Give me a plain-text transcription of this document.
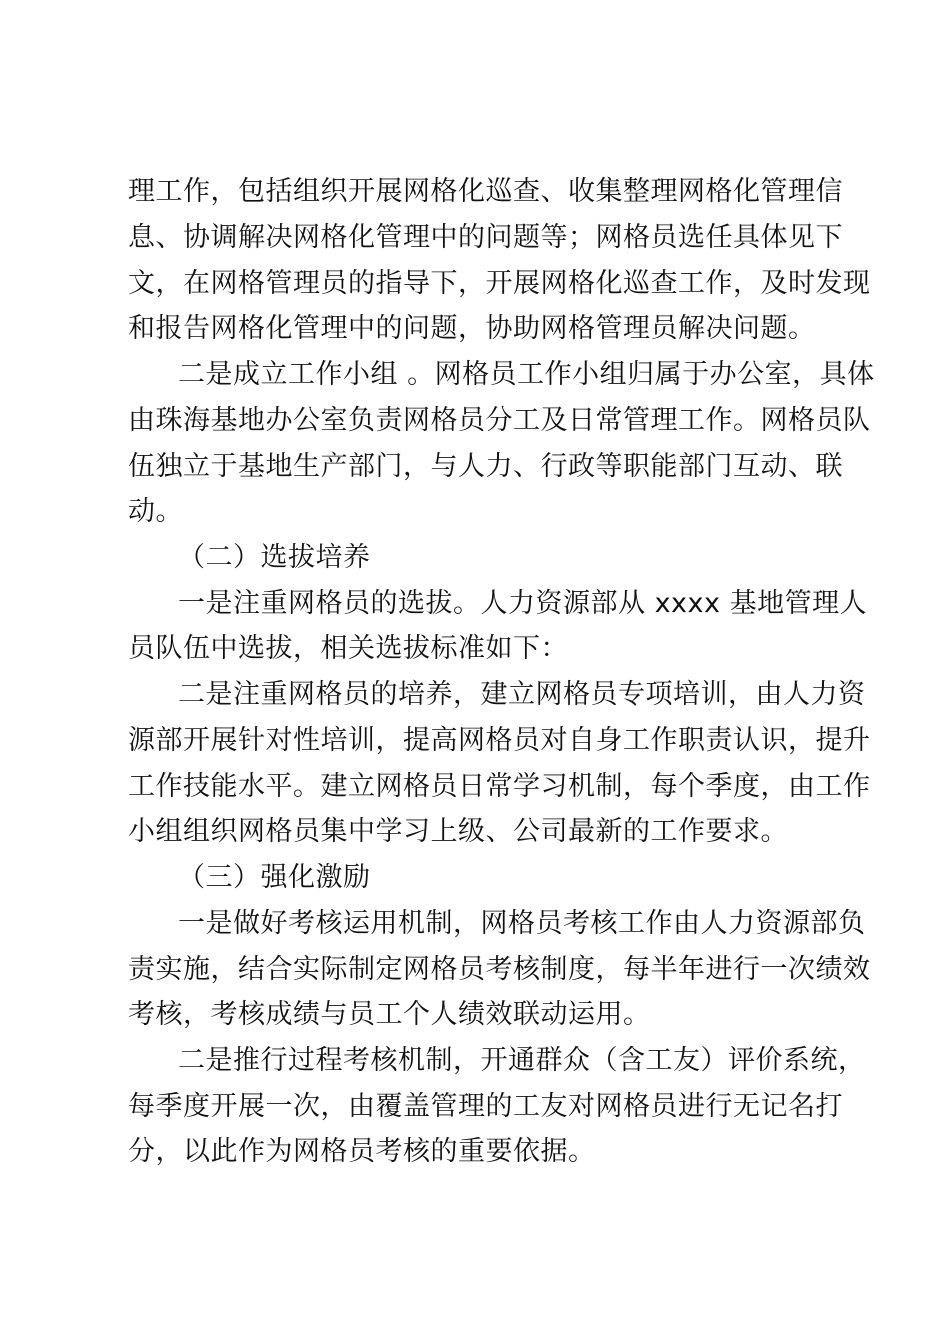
理工作，包括组织开展网格化巡查、收集整理网格化管理信
息、协调解决网格化管理中的问题等；网格员选任具体见下
文，在网格管理员的指导下，开展网格化巡查工作，及时发现
和报告网格化管理中的问题，协助网格管理员解决问题。
二是成立工作小组 。网格员工作小组归属于办公室，具体
由珠海基地办公室负责网格员分工及日常管理工作。网格员队
伍独立于基地生产部门，与人力、行政等职能部门互动、联
动。
（二）选拔培养
一是注重网格员的选拔。人力资源部从 xxxx 基地管理人
员队伍中选拔，相关选拔标准如下：
二是注重网格员的培养，建立网格员专项培训，由人力资
源部开展针对性培训，提高网格员对自身工作职责认识，提升
工作技能水平。建立网格员日常学习机制，每个季度，由工作
小组组织网格员集中学习上级、公司最新的工作要求。
（三）强化激励
一是做好考核运用机制，网格员考核工作由人力资源部负
责实施，结合实际制定网格员考核制度，每半年进行一次绩效
考核，考核成绩与员工个人绩效联动运用。
二是推行过程考核机制，开通群众（含工友）评价系统，
每季度开展一次，由覆盖管理的工友对网格员进行无记名打
分，以此作为网格员考核的重要依据。
